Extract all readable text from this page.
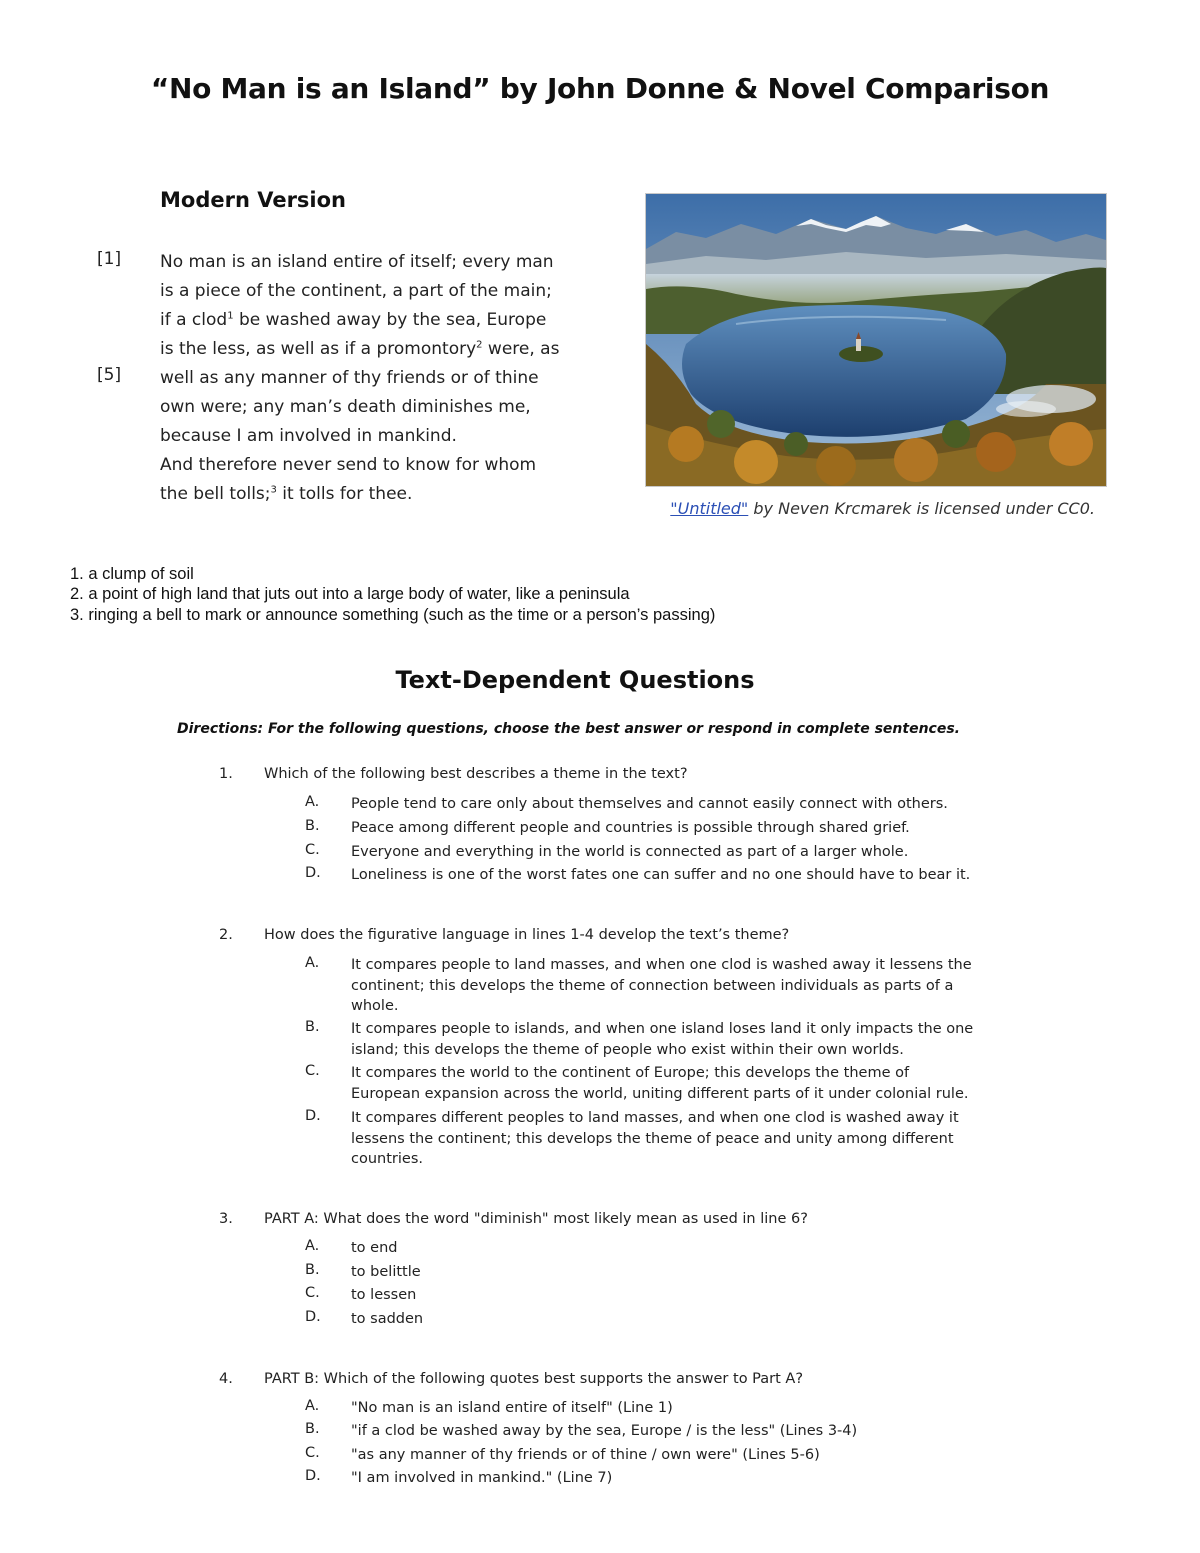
“No Man is an Island” by John Donne & Novel Comparison
Modern Version
[1]
[5]
No man is an island entire of itself; every man
is a piece of the continent, a part of the main;
if a clod$^1$ be washed away by the sea, Europe
is the less, as well as if a promontory$^2$ were, as
well as any manner of thy friends or of thine
own were; any man’s death diminishes me,
because I am involved in mankind.
And therefore never send to know for whom
the bell tolls;$^3$ it tolls for thee.
"Untitled" by Neven Krcmarek is licensed under CC0.
1. a clump of soil
2. a point of high land that juts out into a large body of water, like a peninsula
3. ringing a bell to mark or announce something (such as the time or a person’s passing)
Text-Dependent Questions
Directions: For the following questions, choose the best answer or respond in complete sentences.
1. Which of the following best describes a theme in the text?
A. People tend to care only about themselves and cannot easily connect with others.
B. Peace among different people and countries is possible through shared grief.
C. Everyone and everything in the world is connected as part of a larger whole.
D. Loneliness is one of the worst fates one can suffer and no one should have to bear it.
2. How does the figurative language in lines 1-4 develop the text’s theme?
A. It compares people to land masses, and when one clod is washed away it lessens the continent; this develops the theme of connection between individuals as parts of a whole.
B. It compares people to islands, and when one island loses land it only impacts the one island; this develops the theme of people who exist within their own worlds.
C. It compares the world to the continent of Europe; this develops the theme of European expansion across the world, uniting different parts of it under colonial rule.
D. It compares different peoples to land masses, and when one clod is washed away it lessens the continent; this develops the theme of peace and unity among different countries.
3. PART A: What does the word "diminish" most likely mean as used in line 6?
A. to end
B. to belittle
C. to lessen
D. to sadden
4. PART B: Which of the following quotes best supports the answer to Part A?
A. "No man is an island entire of itself" (Line 1)
B. "if a clod be washed away by the sea, Europe / is the less" (Lines 3-4)
C. "as any manner of thy friends or of thine / own were" (Lines 5-6)
D. "I am involved in mankind." (Line 7)
